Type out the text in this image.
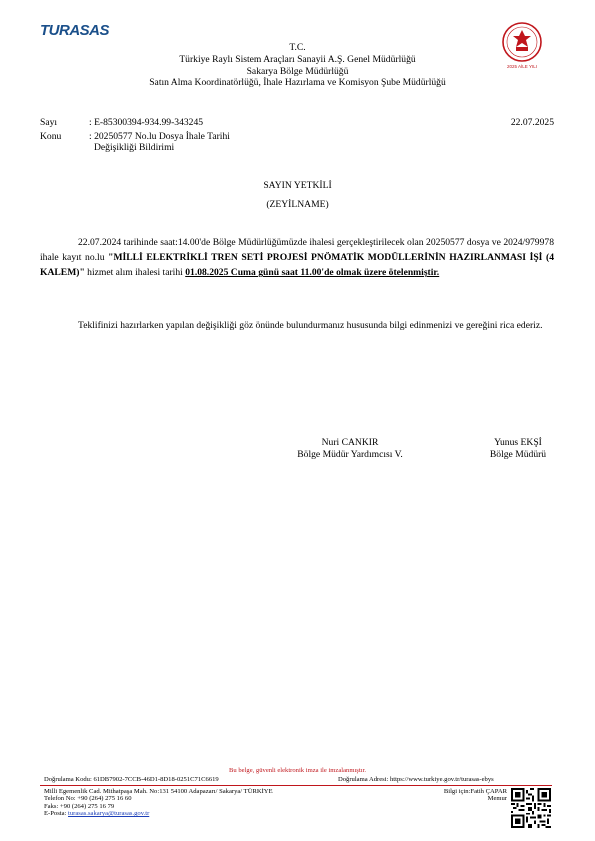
TURASAS
2025 AİLE YILI
T.C.
Türkiye Raylı Sistem Araçları Sanayii A.Ş. Genel Müdürlüğü
Sakarya Bölge Müdürlüğü
Satın Alma Koordinatörlüğü, İhale Hazırlama ve Komisyon Şube Müdürlüğü
Sayı	: E-85300394-934.99-343245	22.07.2025
Konu	: 20250577 No.lu Dosya İhale Tarihi
Değişikliği Bildirimi
SAYIN YETKİLİ
(ZEYİLNAME)
22.07.2024 tarihinde saat:14.00'de Bölge Müdürlüğümüzde ihalesi gerçekleştirilecek olan 20250577 dosya ve 2024/979978 ihale kayıt no.lu "MİLLİ ELEKTRİKLİ TREN SETİ PROJESİ PNÖMATİK MODÜLLERİNİN HAZIRLANMASI İŞİ (4 KALEM)" hizmet alım ihalesi tarihi 01.08.2025 Cuma günü saat 11.00'de olmak üzere ötelenmiştir.
Teklifinizi hazırlarken yapılan değişikliği göz önünde bulundurmanız hususunda bilgi edinmenizi ve gereğini rica ederiz.
Nuri CANKIR
Bölge Müdür Yardımcısı V.
Yunus EKŞİ
Bölge Müdürü
Bu belge, güvenli elektronik imza ile imzalanmıştır.
Doğrulama Kodu: 61DB7902-7CCB-46D1-8D18-0251C71C6619	Doğrulama Adresi: https://www.turkiye.gov.tr/turasas-ebys
Milli Egemenlik Cad. Mithatpaşa Mah. No:131 54100 Adapazarı/ Sakarya/ TÜRKİYE
Telefon No: +90 (264) 275 16 60
Faks: +90 (264) 275 16 79
E-Posta: turasas.sakarya@turasas.gov.tr
Bilgi için:Fatih ÇAPAR
Memur
